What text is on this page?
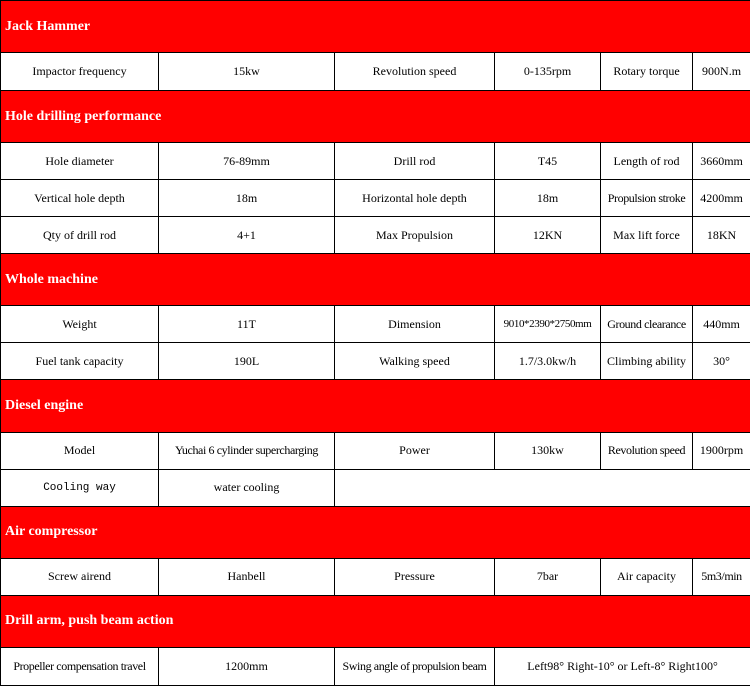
Jack Hammer					
Impactor frequency	15kw	Revolution speed	0-135rpm	Rotary torque	900N.m
Hole drilling performance					
Hole diameter	76-89mm	Drill rod	T45	Length of rod	3660mm
Vertical hole depth	18m	Horizontal hole depth	18m	Propulsion stroke	4200mm
Qty of drill rod	4+1	Max Propulsion	12KN	Max lift force	18KN
Whole machine					
Weight	11T	Dimension	9010*2390*2750mm	Ground clearance	440mm
Fuel tank capacity	190L	Walking speed	1.7/3.0kw/h	Climbing ability	30°
Diesel engine					
Model	Yuchai 6 cylinder supercharging	Power	130kw	Revolution speed	1900rpm
Cooling way	water cooling				
Air compressor					
Screw airend	Hanbell	Pressure	7bar	Air capacity	5m3/min
Drill arm, push beam action					
Propeller compensation travel	1200mm	Swing angle of propulsion beam	Left98° Right-10° or Left-8° Right100°		
